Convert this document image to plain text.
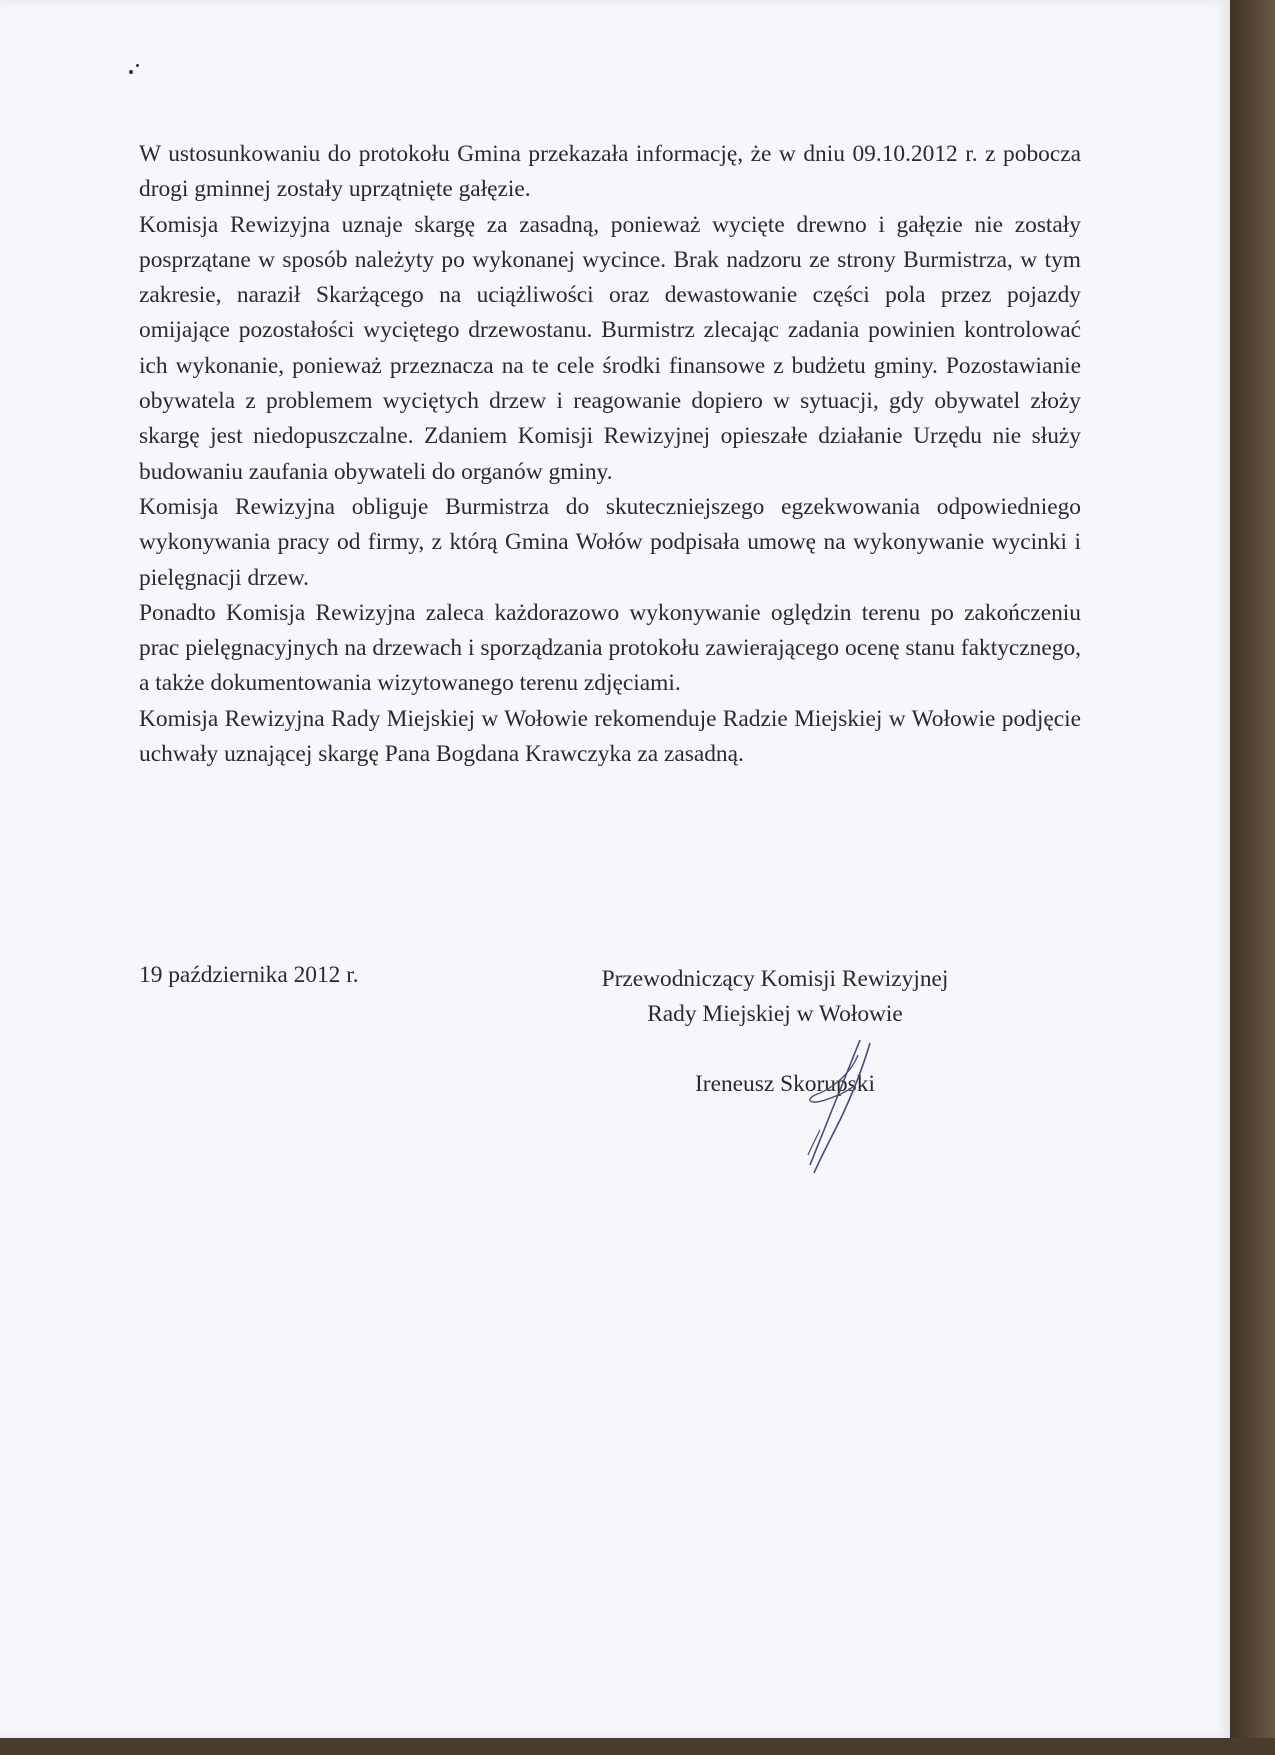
W ustosunkowaniu do protokołu Gmina przekazała informację, że w dniu 09.10.2012 r. z pobocza drogi gminnej zostały uprzątnięte gałęzie.

Komisja Rewizyjna uznaje skargę za zasadną, ponieważ wycięte drewno i gałęzie nie zostały posprzątane w sposób należyty po wykonanej wycince. Brak nadzoru ze strony Burmistrza, w tym zakresie, naraził Skarżącego na uciążliwości oraz dewastowanie części pola przez pojazdy omijające pozostałości wyciętego drzewostanu. Burmistrz zlecając zadania powinien kontrolować ich wykonanie, ponieważ przeznacza na te cele środki finansowe z budżetu gminy. Pozostawianie obywatela z problemem wyciętych drzew i reagowanie dopiero w sytuacji, gdy obywatel złoży skargę jest niedopuszczalne. Zdaniem Komisji Rewizyjnej opieszałe działanie Urzędu nie służy budowaniu zaufania obywateli do organów gminy.

Komisja Rewizyjna obliguje Burmistrza do skuteczniejszego egzekwowania odpowiedniego wykonywania pracy od firmy, z którą Gmina Wołów podpisała umowę na wykonywanie wycinki i pielęgnacji drzew.

Ponadto Komisja Rewizyjna zaleca każdorazowo wykonywanie oględzin terenu po zakończeniu prac pielęgnacyjnych na drzewach i sporządzania protokołu zawierającego ocenę stanu faktycznego, a także dokumentowania wizytowanego terenu zdjęciami.

Komisja Rewizyjna Rady Miejskiej w Wołowie rekomenduje Radzie Miejskiej w Wołowie podjęcie uchwały uznającej skargę Pana Bogdana Krawczyka za zasadną.

19 października 2012 r.	Przewodniczący Komisji Rewizyjnej
Rady Miejskiej w Wołowie
Ireneusz Skorupski
